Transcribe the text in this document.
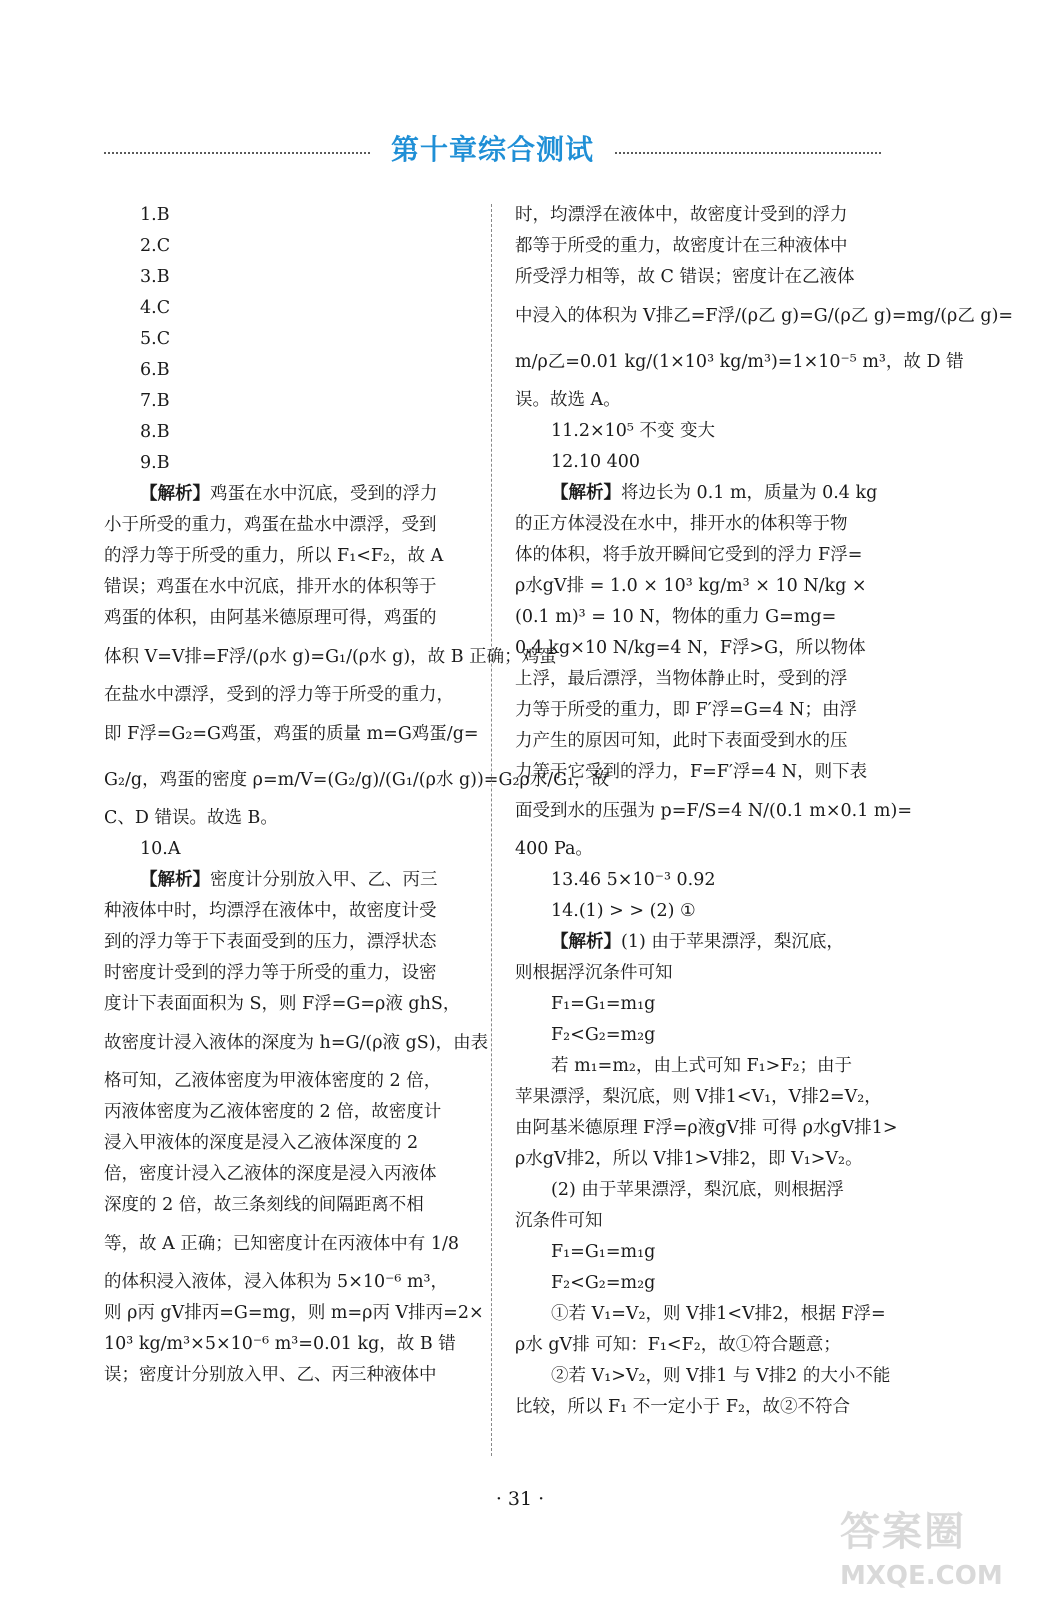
第十章综合测试
1.B
2.C
3.B
4.C
5.C
6.B
7.B
8.B
9.B
【解析】鸡蛋在水中沉底，受到的浮力
小于所受的重力，鸡蛋在盐水中漂浮，受到
的浮力等于所受的重力，所以 F₁<F₂，故 A
错误；鸡蛋在水中沉底，排开水的体积等于
鸡蛋的体积，由阿基米德原理可得，鸡蛋的
体积 V=V排=F浮/(ρ水 g)=G₁/(ρ水 g)，故 B 正确；鸡蛋
在盐水中漂浮，受到的浮力等于所受的重力，
即 F浮=G₂=G鸡蛋，鸡蛋的质量 m=G鸡蛋/g=
G₂/g，鸡蛋的密度 ρ=m/V=(G₂/g)/(G₁/(ρ水 g))=G₂ρ水/G₁，故
C、D 错误。故选 B。
10.A
【解析】密度计分别放入甲、乙、丙三
种液体中时，均漂浮在液体中，故密度计受
到的浮力等于下表面受到的压力，漂浮状态
时密度计受到的浮力等于所受的重力，设密
度计下表面面积为 S，则 F浮=G=ρ液 ghS，
故密度计浸入液体的深度为 h=G/(ρ液 gS)，由表
格可知，乙液体密度为甲液体密度的 2 倍，
丙液体密度为乙液体密度的 2 倍，故密度计
浸入甲液体的深度是浸入乙液体深度的 2
倍，密度计浸入乙液体的深度是浸入丙液体
深度的 2 倍，故三条刻线的间隔距离不相
等，故 A 正确；已知密度计在丙液体中有 1/8
的体积浸入液体，浸入体积为 5×10⁻⁶ m³，
则 ρ丙 gV排丙=G=mg，则 m=ρ丙 V排丙=2×
10³ kg/m³×5×10⁻⁶ m³=0.01 kg，故 B 错
误；密度计分别放入甲、乙、丙三种液体中
时，均漂浮在液体中，故密度计受到的浮力
都等于所受的重力，故密度计在三种液体中
所受浮力相等，故 C 错误；密度计在乙液体
中浸入的体积为 V排乙=F浮/(ρ乙 g)=G/(ρ乙 g)=mg/(ρ乙 g)=
m/ρ乙=0.01 kg/(1×10³ kg/m³)=1×10⁻⁵ m³，故 D 错
误。故选 A。
11.2×10⁵ 不变 变大
12.10 400
【解析】将边长为 0.1 m，质量为 0.4 kg
的正方体浸没在水中，排开水的体积等于物
体的体积，将手放开瞬间它受到的浮力 F浮=
ρ水gV排 = 1.0 × 10³ kg/m³ × 10 N/kg ×
(0.1 m)³ = 10 N，物体的重力 G=mg=
0.4 kg×10 N/kg=4 N，F浮>G，所以物体
上浮，最后漂浮，当物体静止时，受到的浮
力等于所受的重力，即 F′浮=G=4 N；由浮
力产生的原因可知，此时下表面受到水的压
力等于它受到的浮力，F=F′浮=4 N，则下表
面受到水的压强为 p=F/S=4 N/(0.1 m×0.1 m)=
400 Pa。
13.46 5×10⁻³ 0.92
14.(1) > > (2) ①
【解析】(1) 由于苹果漂浮，梨沉底，
则根据浮沉条件可知
F₁=G₁=m₁g
F₂<G₂=m₂g
若 m₁=m₂，由上式可知 F₁>F₂；由于
苹果漂浮，梨沉底，则 V排1<V₁，V排2=V₂，
由阿基米德原理 F浮=ρ液gV排 可得 ρ水gV排1>
ρ水gV排2，所以 V排1>V排2，即 V₁>V₂。
(2) 由于苹果漂浮，梨沉底，则根据浮
沉条件可知
F₁=G₁=m₁g
F₂<G₂=m₂g
①若 V₁=V₂，则 V排1<V排2，根据 F浮=
ρ水 gV排 可知：F₁<F₂，故①符合题意；
②若 V₁>V₂，则 V排1 与 V排2 的大小不能
比较，所以 F₁ 不一定小于 F₂，故②不符合
· 31 ·
答案圈
MXQE.COM
